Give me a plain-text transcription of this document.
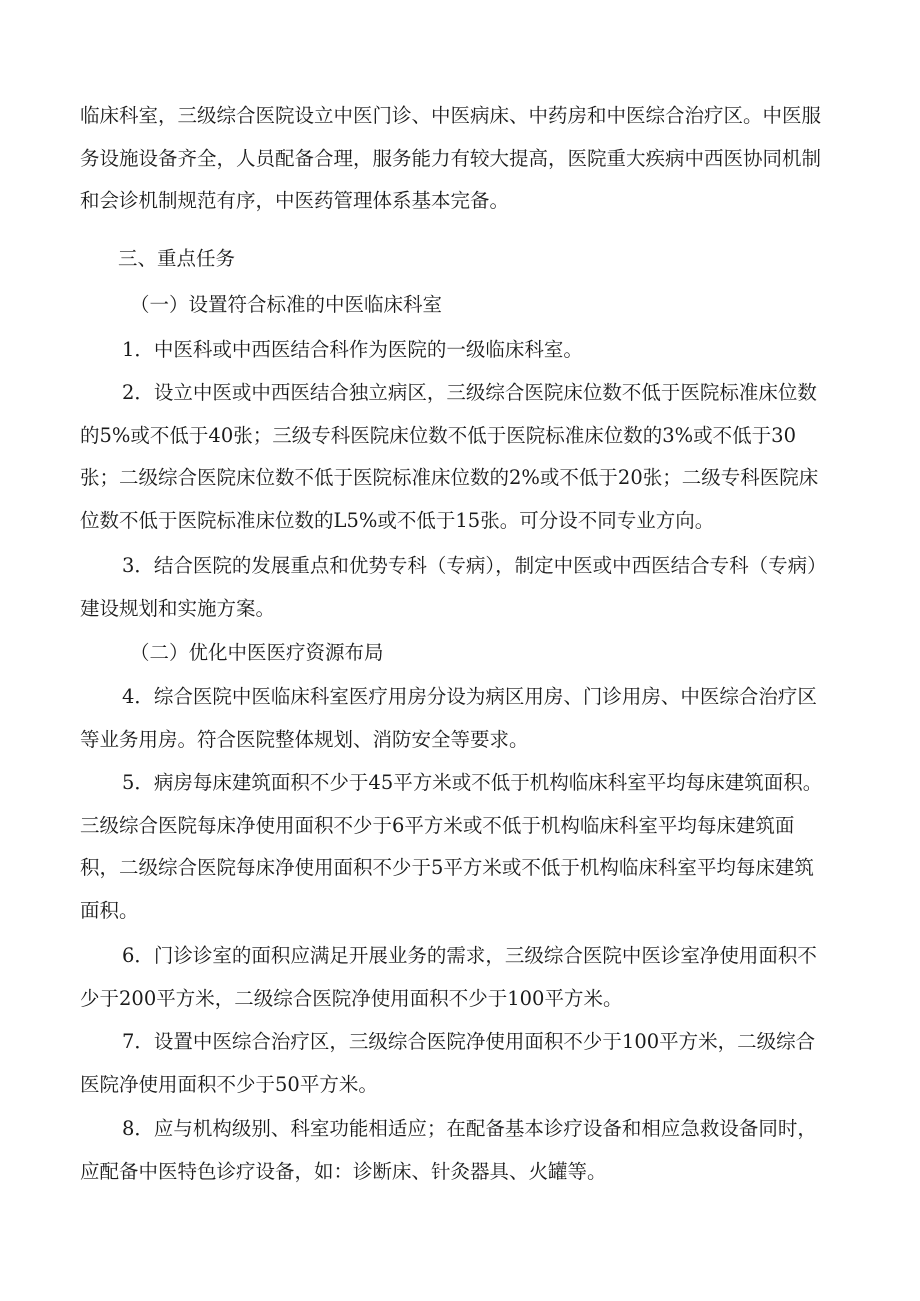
临床科室，三级综合医院设立中医门诊、中医病床、中药房和中医综合治疗区。中医服务设施设备齐全，人员配备合理，服务能力有较大提高，医院重大疾病中西医协同机制和会诊机制规范有序，中医药管理体系基本完备。

三、重点任务

（一）设置符合标准的中医临床科室

1．中医科或中西医结合科作为医院的一级临床科室。

2．设立中医或中西医结合独立病区，三级综合医院床位数不低于医院标准床位数的5%或不低于40张；三级专科医院床位数不低于医院标准床位数的3%或不低于30张；二级综合医院床位数不低于医院标准床位数的2%或不低于20张；二级专科医院床位数不低于医院标准床位数的L5%或不低于15张。可分设不同专业方向。

3．结合医院的发展重点和优势专科（专病），制定中医或中西医结合专科（专病）建设规划和实施方案。

（二）优化中医医疗资源布局

4．综合医院中医临床科室医疗用房分设为病区用房、门诊用房、中医综合治疗区等业务用房。符合医院整体规划、消防安全等要求。

5．病房每床建筑面积不少于45平方米或不低于机构临床科室平均每床建筑面积。三级综合医院每床净使用面积不少于6平方米或不低于机构临床科室平均每床建筑面积，二级综合医院每床净使用面积不少于5平方米或不低于机构临床科室平均每床建筑面积。

6．门诊诊室的面积应满足开展业务的需求，三级综合医院中医诊室净使用面积不少于200平方米，二级综合医院净使用面积不少于100平方米。

7．设置中医综合治疗区，三级综合医院净使用面积不少于100平方米，二级综合医院净使用面积不少于50平方米。

8．应与机构级别、科室功能相适应；在配备基本诊疗设备和相应急救设备同时，应配备中医特色诊疗设备，如：诊断床、针灸器具、火罐等。
